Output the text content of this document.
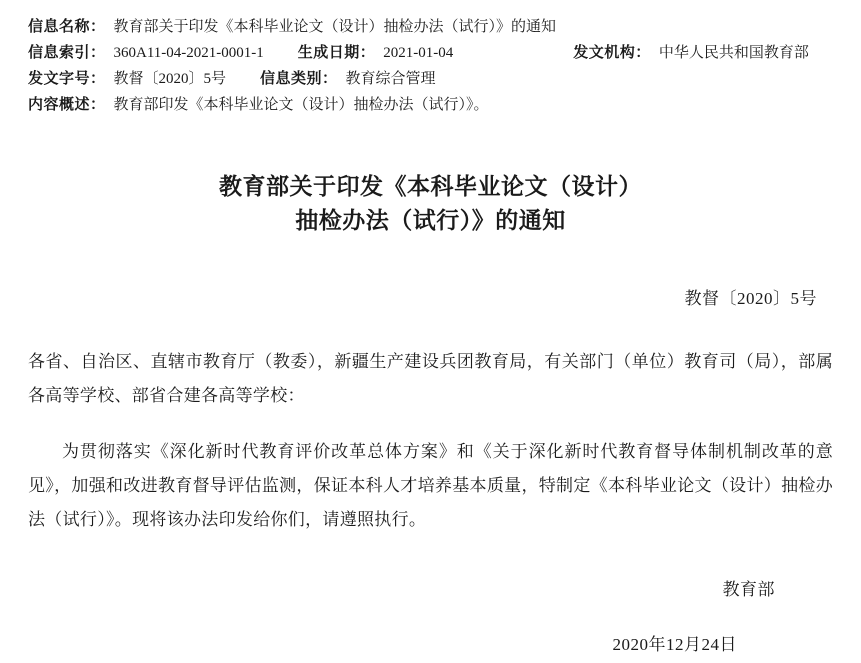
信息名称： 教育部关于印发《本科毕业论文（设计）抽检办法（试行）》的通知
信息索引： 360A11-04-2021-0001-1 生成日期： 2021-01-04	发文机构： 中华人民共和国教育部
发文字号： 教督〔2020〕5号 信息类别： 教育综合管理
内容概述： 教育部印发《本科毕业论文（设计）抽检办法（试行）》。
教育部关于印发《本科毕业论文（设计）
抽检办法（试行）》的通知
教督〔2020〕5号

各省、自治区、直辖市教育厅（教委），新疆生产建设兵团教育局，有关部门（单位）教育司（局），部属各高等学校、部省合建各高等学校：

为贯彻落实《深化新时代教育评价改革总体方案》和《关于深化新时代教育督导体制机制改革的意见》，加强和改进教育督导评估监测，保证本科人才培养基本质量，特制定《本科毕业论文（设计）抽检办法（试行）》。现将该办法印发给你们，请遵照执行。

教育部
2020年12月24日
